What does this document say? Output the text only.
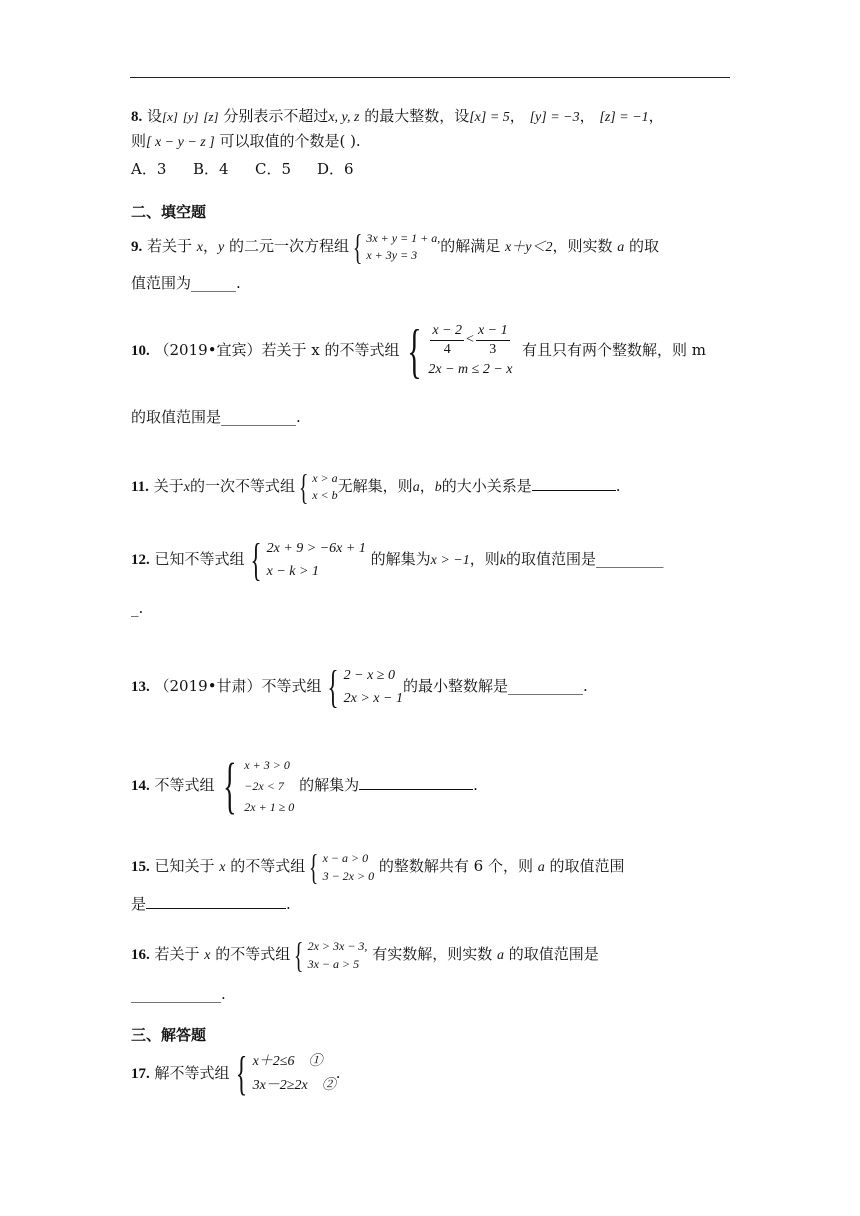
8. 设[x] [y] [z] 分别表示不超过x, y, z 的最大整数，设[x] = 5， [y] = −3， [z] = −1，
则[ x − y − z ] 可以取值的个数是( ).
A．3 B．4 C．5 D．6
二、填空题
9. 若关于 x，y 的二元一次方程组 { 3x + y = 1 + a,
x + 3y = 3	的解满足 x＋y＜2，则实数 a 的取
值范围为______.
10. （2019•宜宾）若关于 x 的不等式组 { $\frac{x - 2}{4} < \frac{x - 1}{3}$
2x − m ≤ 2 − x
有且只有两个整数解，则 m
的取值范围是__________.
11. 关于x的一次不等式组 { x > a
x < b 无解集，则a，b的大小关系是	.
12. 已知不等式组 { 2x + 9 > −6x + 1
x − k > 1
的解集为x > −1，则k的取值范围是_________
_.
13. （2019•甘肃）不等式组 { 2 − x ≥ 0
2x > x − 1
的最小整数解是__________.
14. 不等式组 { x + 3 > 0
−2x < 7
2x + 1 ≥ 0
的解集为	.
15. 已知关于 x 的不等式组 { x − a > 0
3 − 2x > 0
的整数解共有 6 个，则 a 的取值范围
是	.
16. 若关于 x 的不等式组 { 2x > 3x − 3,
3x − a > 5
有实数解，则实数 a 的取值范围是
____________.
三、解答题
17. 解不等式组 { x＋2≤6　①
3x－2≥2x　②
.
